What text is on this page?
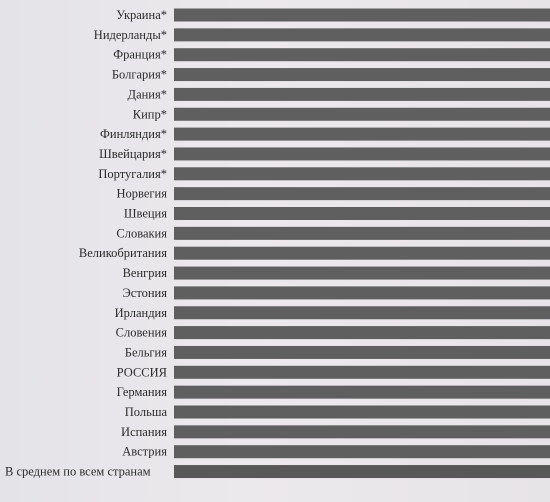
Украина*
Нидерланды*
Франция*
Болгария*
Дания*
Кипр*
Финляндия*
Швейцария*
Португалия*
Норвегия
Швеция
Словакия
Великобритания
Венгрия
Эстония
Ирландия
Словения
Бельгия
РОССИЯ
Германия
Польша
Испания
Австрия
В среднем по всем странам
